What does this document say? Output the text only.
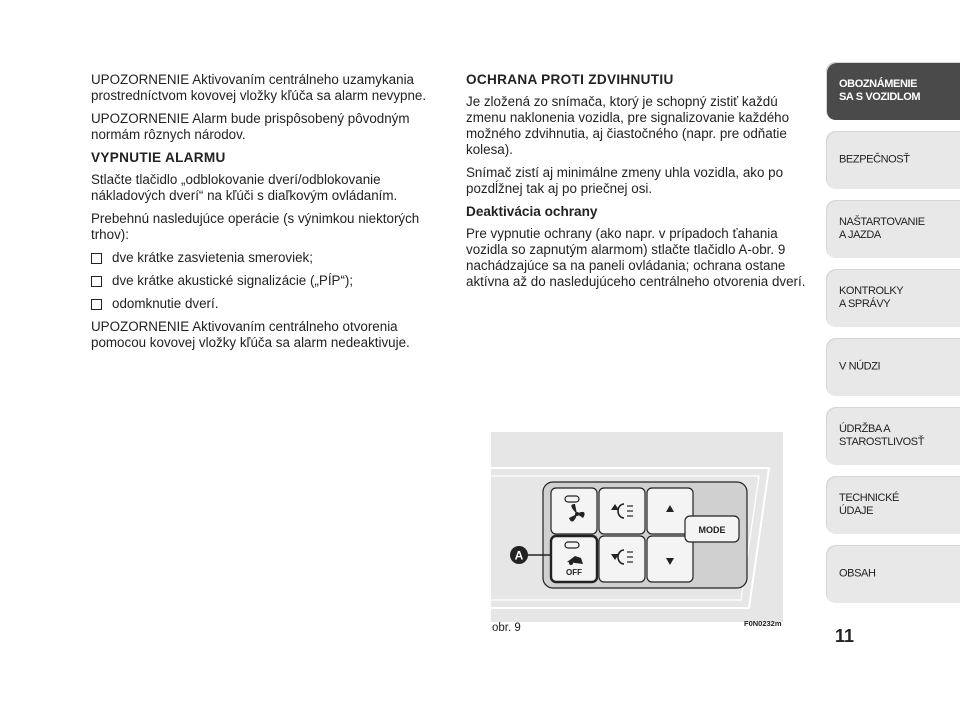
UPOZORNENIE Aktivovaním centrálneho uzamykania prostredníctvom kovovej vložky kľúča sa alarm nevypne.

UPOZORNENIE Alarm bude prispôsobený pôvodným normám rôznych národov.

VYPNUTIE ALARMU

Stlačte tlačidlo „odblokovanie dverí/odblokovanie nákladových dverí“ na kľúči s diaľkovým ovládaním.

Prebehnú nasledujúce operácie (s výnimkou niektorých trhov):

dve krátke zasvietenia smeroviek;
dve krátke akustické signalizácie („PÍP“);
odomknutie dverí.

UPOZORNENIE Aktivovaním centrálneho otvorenia pomocou kovovej vložky kľúča sa alarm nedeaktivuje.

OCHRANA PROTI ZDVIHNUTIU

Je zložená zo snímača, ktorý je schopný zistiť každú zmenu naklonenia vozidla, pre signalizovanie každého možného zdvihnutia, aj čiastočného (napr. pre odňatie kolesa).

Snímač zistí aj minimálne zmeny uhla vozidla, ako po pozdĺžnej tak aj po priečnej osi.

Deaktivácia ochrany

Pre vypnutie ochrany (ako napr. v prípadoch ťahania vozidla so zapnutým alarmom) stlačte tlačidlo A-obr. 9 nachádzajúce sa na paneli ovládania; ochrana ostane aktívna až do nasledujúceho centrálneho otvorenia dverí.

MODE
OFF
A
obr. 9	F0N0232m
OBOZNÁMENIE
SA S VOZIDLOM
BEZPEČNOSŤ
NAŠTARTOVANIE
A JAZDA
KONTROLKY
A SPRÁVY
V NÚDZI
ÚDRŽBA A
STAROSTLIVOSŤ
TECHNICKÉ
ÚDAJE
OBSAH
11
